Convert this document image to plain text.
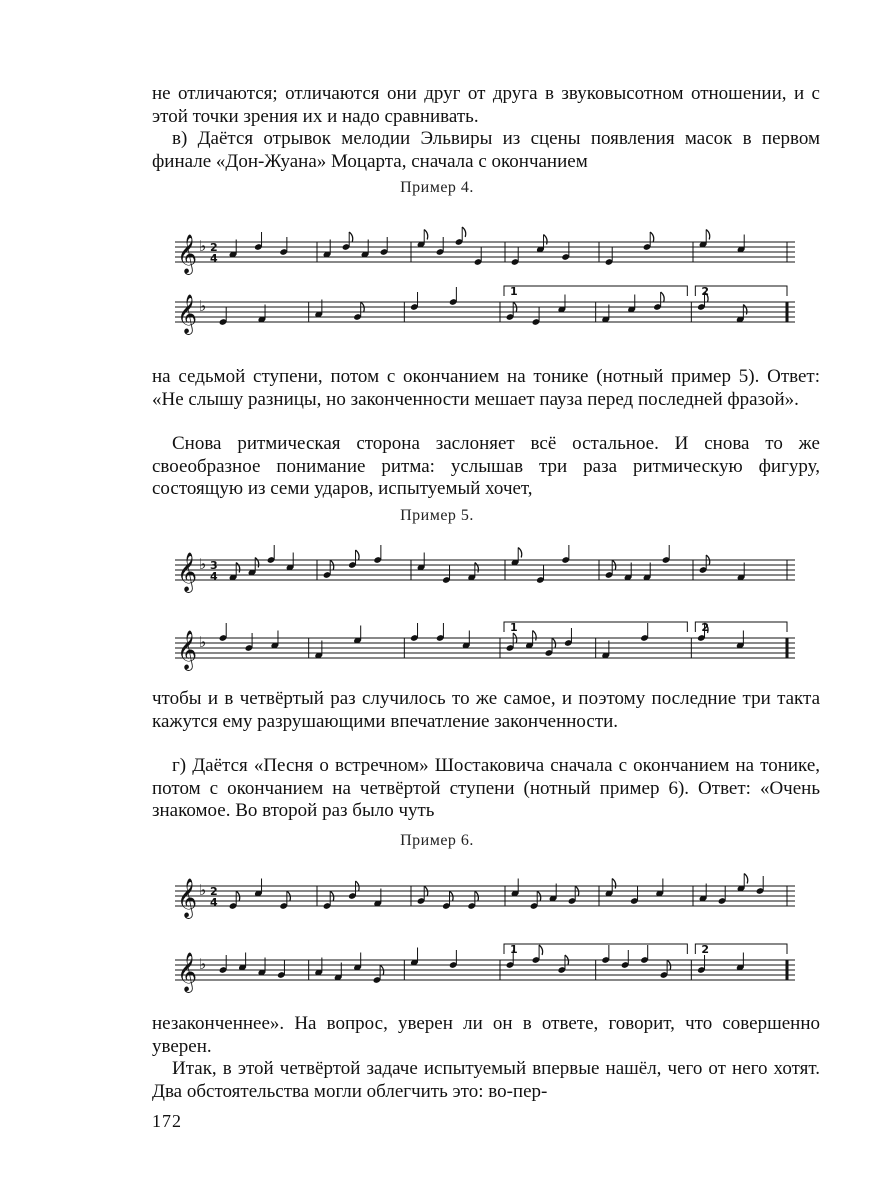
не отличаются; отличаются они друг от друга в звуковысотном отношении, и с этой точки зрения их и надо сравнивать.

в) Даётся отрывок мелодии Эльвиры из сцены появления масок в первом финале «Дон-Жуана» Моцарта, сначала с окончанием

Пример 4.
𝄞 ♭ 2
4
𝄞 ♭
1	2

на седьмой ступени, потом с окончанием на тонике (нотный пример 5). Ответ: «Не слышу разницы, но законченности мешает пауза перед последней фразой».

Снова ритмическая сторона заслоняет всё остальное. И снова то же своеобразное понимание ритма: услышав три раза ритмическую фигуру, состоящую из семи ударов, испытуемый хочет,

Пример 5.
𝄞 ♭ 3
4
𝄞 ♭
1	2

чтобы и в четвёртый раз случилось то же самое, и поэтому последние три такта кажутся ему разрушающими впечатление законченности.

г) Даётся «Песня о встречном» Шостаковича сначала с окончанием на тонике, потом с окончанием на четвёртой ступени (нотный пример 6). Ответ: «Очень знакомое. Во второй раз было чуть

Пример 6.
𝄞 ♭ 2
4
𝄞 ♭
1	2

незаконченнее». На вопрос, уверен ли он в ответе, говорит, что совершенно уверен.

Итак, в этой четвёртой задаче испытуемый впервые нашёл, чего от него хотят. Два обстоятельства могли облегчить это: во-пер-

172
